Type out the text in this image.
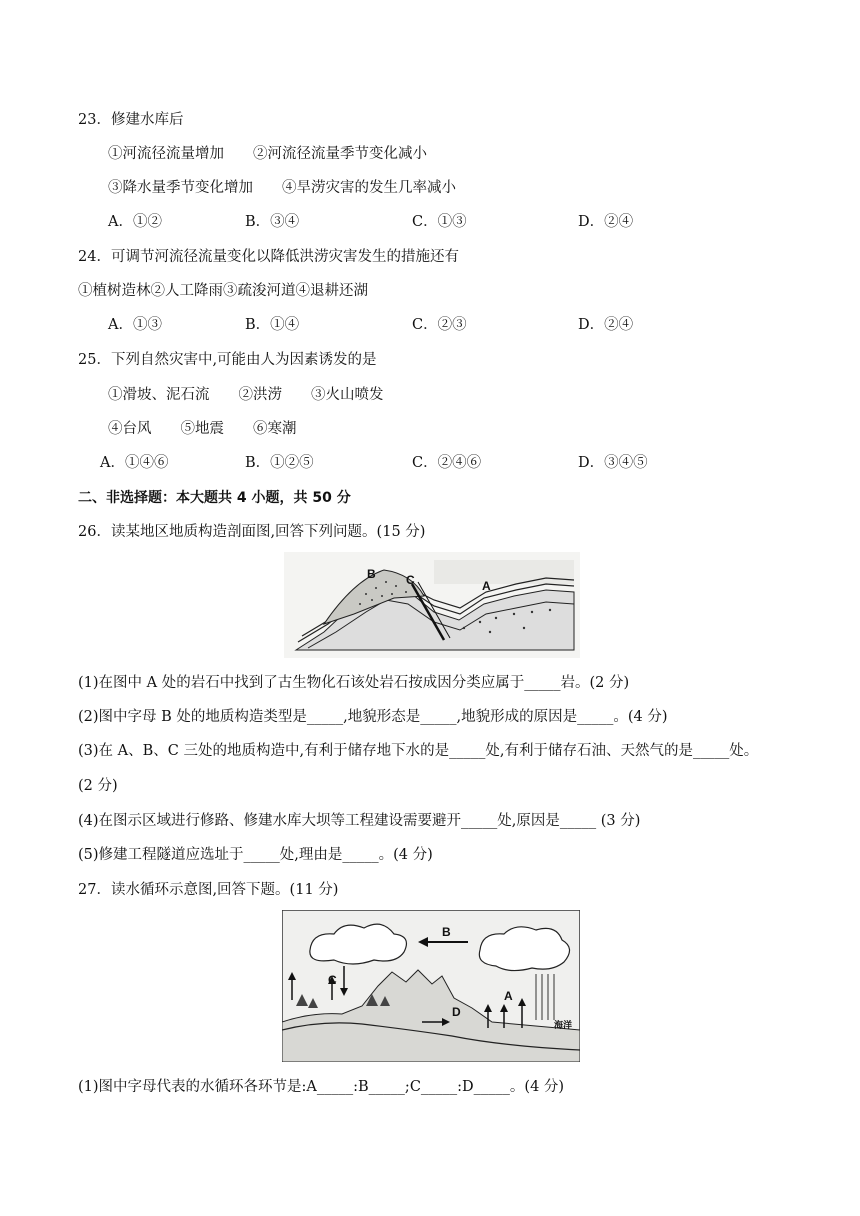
23．修建水库后
①河流径流量增加　　②河流径流量季节变化减小
③降水量季节变化增加　　④旱涝灾害的发生几率减小
A．①②	B．③④	C．①③	D．②④
24．可调节河流径流量变化以降低洪涝灾害发生的措施还有
①植树造林②人工降雨③疏浚河道④退耕还湖
A．①③	B．①④	C．②③	D．②④
25．下列自然灾害中,可能由人为因素诱发的是
①滑坡、泥石流　　②洪涝　　③火山喷发
④台风　　⑤地震　　⑥寒潮
A．①④⑥	B．①②⑤	C．②④⑥	D．③④⑤
二、非选择题：本大题共 4 小题，共 50 分
26．读某地区地质构造剖面图,回答下列问题。(15 分)
B	C	A
(1)在图中 A 处的岩石中找到了古生物化石该处岩石按成因分类应属于_____岩。(2 分)
(2)图中字母 B 处的地质构造类型是_____,地貌形态是_____,地貌形成的原因是_____。(4 分)
(3)在 A、B、C 三处的地质构造中,有利于储存地下水的是_____处,有利于储存石油、天然气的是_____处。
(2 分)
(4)在图示区域进行修路、修建水库大坝等工程建设需要避开_____处,原因是_____ (3 分)
(5)修建工程隧道应选址于_____处,理由是_____。(4 分)
27．读水循环示意图,回答下题。(11 分)
B
C
A
D
海洋
(1)图中字母代表的水循环各环节是:A_____:B_____;C_____:D_____。(4 分)
